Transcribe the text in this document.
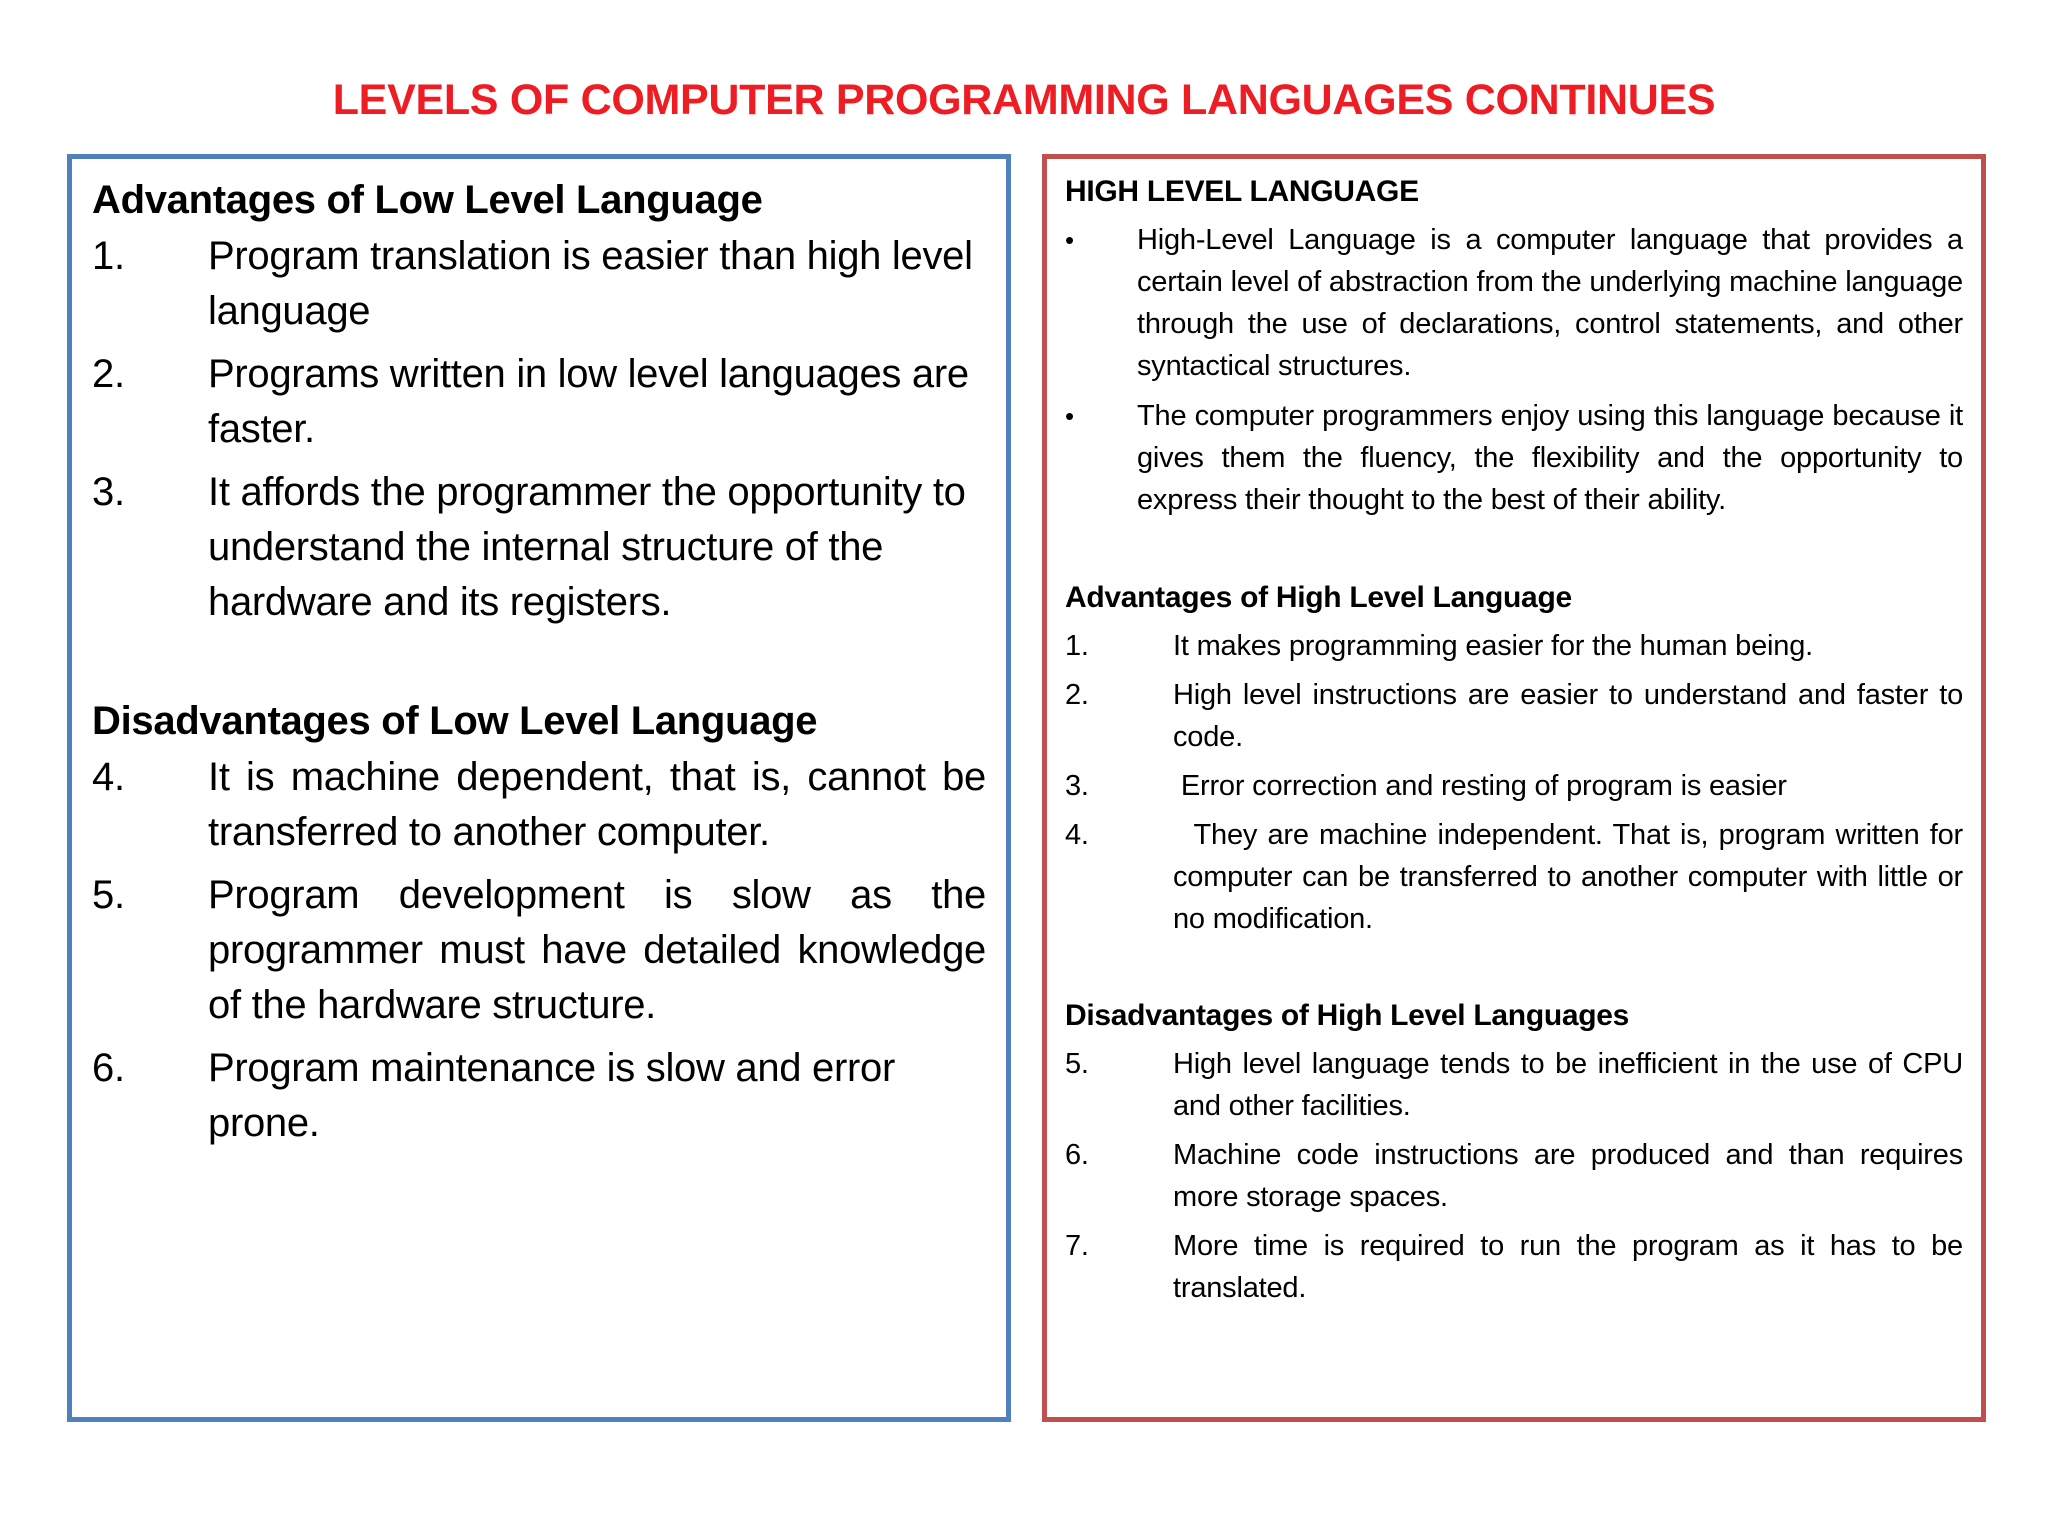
LEVELS OF COMPUTER PROGRAMMING LANGUAGES CONTINUES
Advantages of Low Level Language
1.	Program translation is easier than high level language
2.	Programs written in low level languages are faster.
3.	It affords the programmer the opportunity to understand the internal structure of the hardware and its registers.
Disadvantages of Low Level Language
4.	It is machine dependent, that is, cannot be transferred to another computer.
5.	Program development is slow as the programmer must have detailed knowledge of the hardware structure.
6.	Program maintenance is slow and error prone.
HIGH LEVEL LANGUAGE
•	High-Level Language is a computer language that provides a certain level of abstraction from the underlying machine language through the use of declarations, control statements, and other syntactical structures.
•	The computer programmers enjoy using this language because it gives them the fluency, the flexibility and the opportunity to express their thought to the best of their ability.
Advantages of High Level Language
1.	It makes programming easier for the human being.
2.	High level instructions are easier to understand and faster to code.
3.	Error correction and resting of program is easier
4.	They are machine independent. That is, program written for computer can be transferred to another computer with little or no modification.
Disadvantages of High Level Languages
5.	High level language tends to be inefficient in the use of CPU and other facilities.
6.	Machine code instructions are produced and than requires more storage spaces.
7.	More time is required to run the program as it has to be translated.
